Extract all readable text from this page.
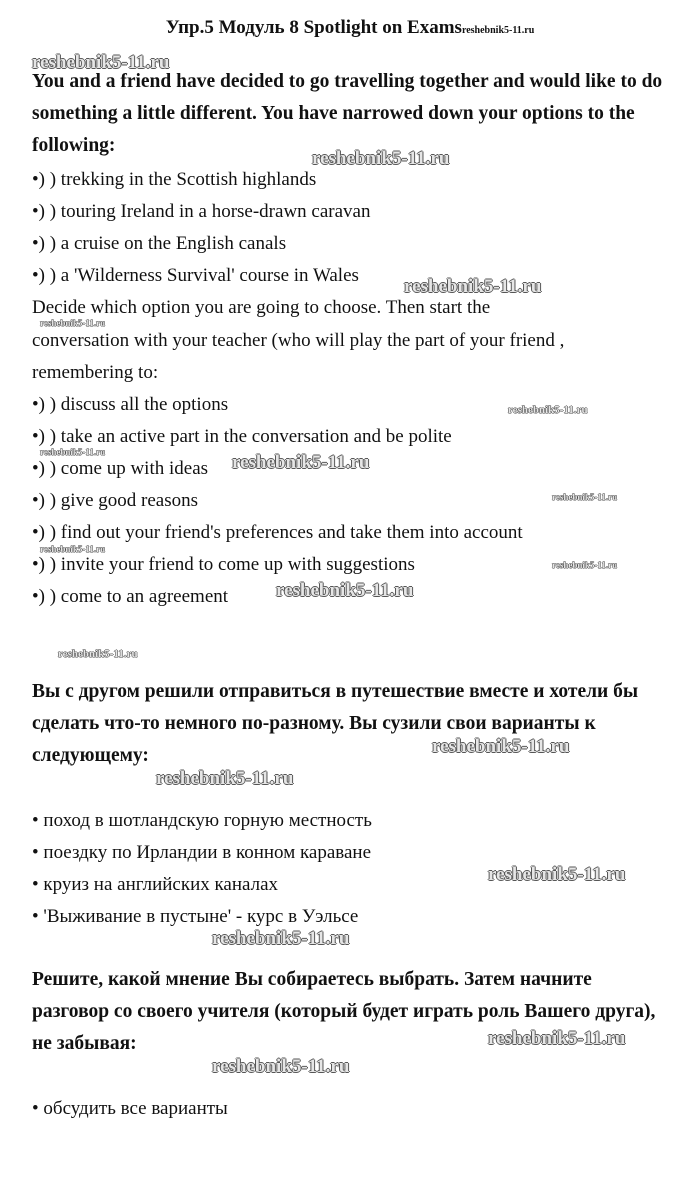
Упр.5 Модуль 8 Spotlight on Examsreshebnik5-11.ru

You and a friend have decided to go travelling together and would like to do something a little different. You have narrowed down your options to the following:

•) ) trekking in the Scottish highlands
•) ) touring Ireland in a horse-drawn caravan
•) ) a cruise on the English canals
•) ) a 'Wilderness Survival' course in Wales
Decide which option you are going to choose. Then start the
conversation with your teacher (who will play the part of your friend ,
remembering to:
•) ) discuss all the options
•) ) take an active part in the conversation and be polite
•) ) come up with ideas
•) ) give good reasons
•) ) find out your friend's preferences and take them into account
•) ) invite your friend to come up with suggestions
•) ) come to an agreement

Вы с другом решили отправиться в путешествие вместе и хотели бы сделать что-то немного по-разному. Вы сузили свои варианты к следующему:

• поход в шотландскую горную местность
• поездку по Ирландии в конном караване
• круиз на английских каналах
• 'Выживание в пустыне' - курс в Уэльсе

Решите, какой мнение Вы собираетесь выбрать. Затем начните разговор со своего учителя (который будет играть роль Вашего друга), не забывая:

• обсудить все варианты
reshebnik5-11.ru
reshebnik5-11.ru
reshebnik5-11.ru
reshebnik5-11.ru
reshebnik5-11.ru
reshebnik5-11.ru	reshebnik5-11.ru
reshebnik5-11.ru
reshebnik5-11.ru
reshebnik5-11.ru
reshebnik5-11.ru
reshebnik5-11.ru
reshebnik5-11.ru
reshebnik5-11.ru
reshebnik5-11.ru
reshebnik5-11.ru
reshebnik5-11.ru
reshebnik5-11.ru
